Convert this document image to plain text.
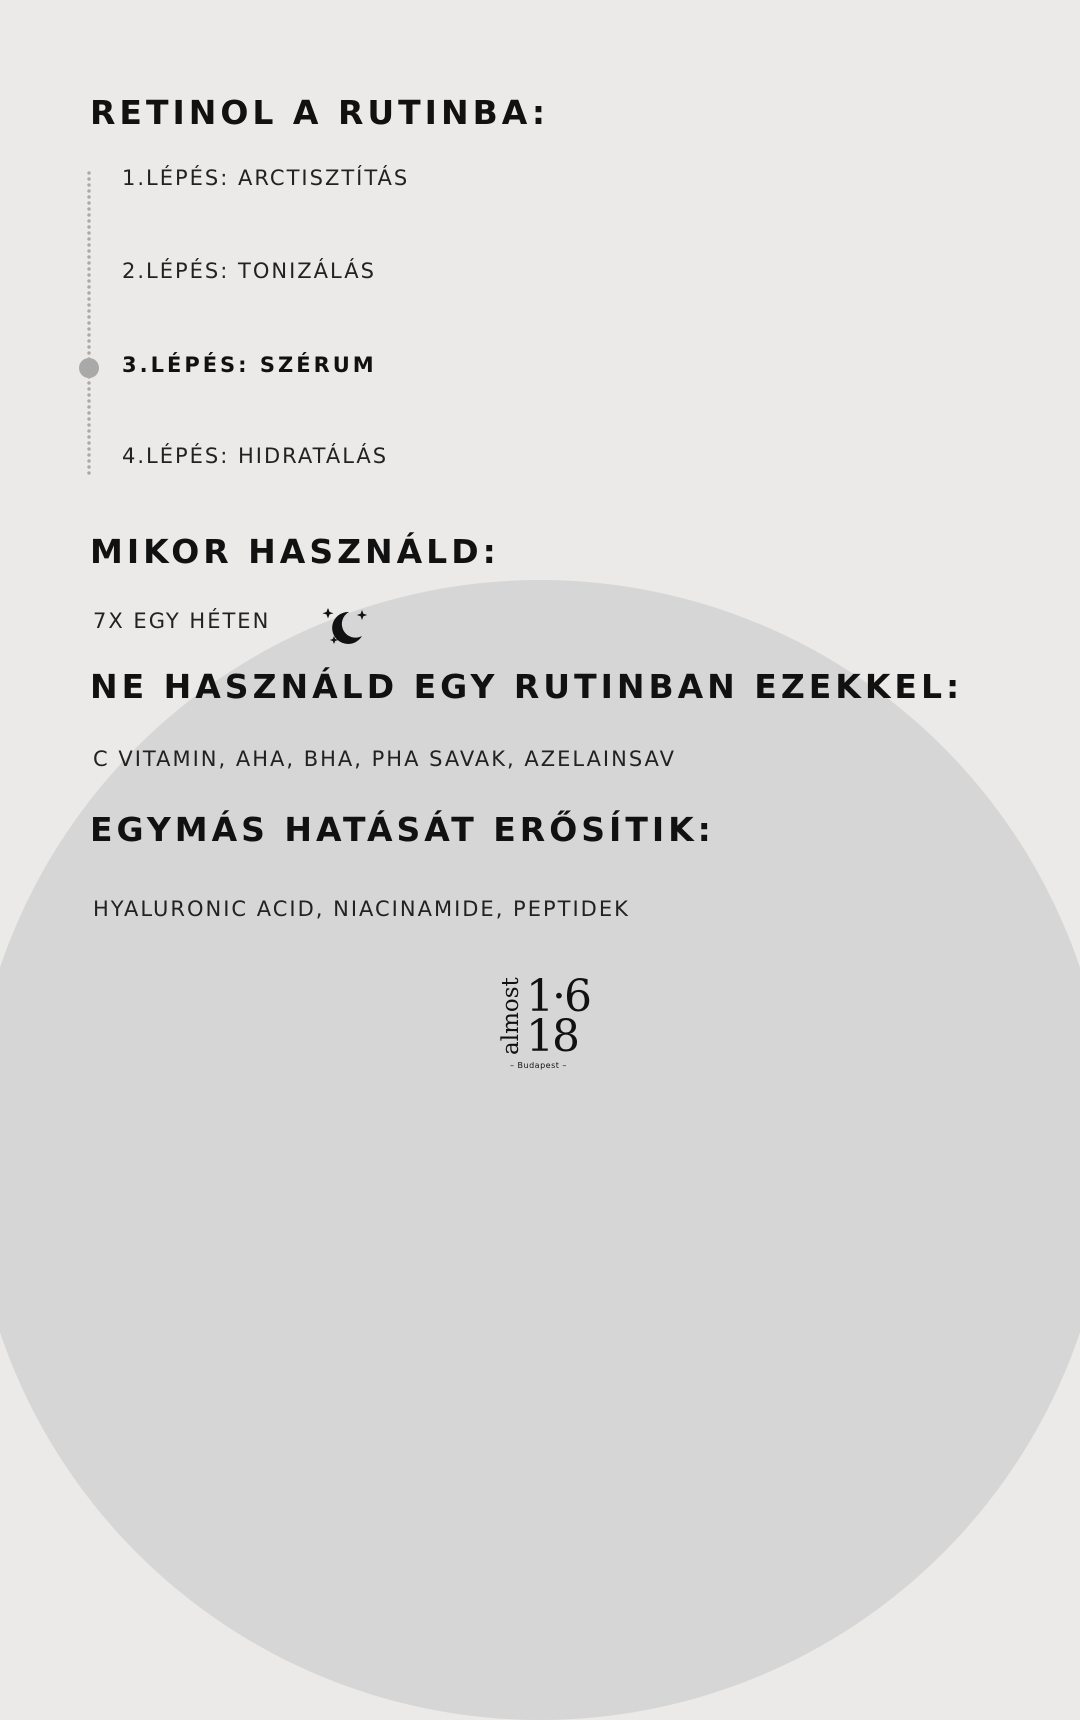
RETINOL A RUTINBA:

1.LÉPÉS: ARCTISZTÍTÁS

2.LÉPÉS: TONIZÁLÁS

3.LÉPÉS: SZÉRUM

4.LÉPÉS: HIDRATÁLÁS

MIKOR HASZNÁLD:

7X EGY HÉTEN

NE HASZNÁLD EGY RUTINBAN EZEKKEL:

C VITAMIN, AHA, BHA, PHA SAVAK, AZELAINSAV

EGYMÁS HATÁSÁT ERŐSÍTIK:

HYALURONIC ACID, NIACINAMIDE, PEPTIDEK

almost 1·6
18
– Budapest –
